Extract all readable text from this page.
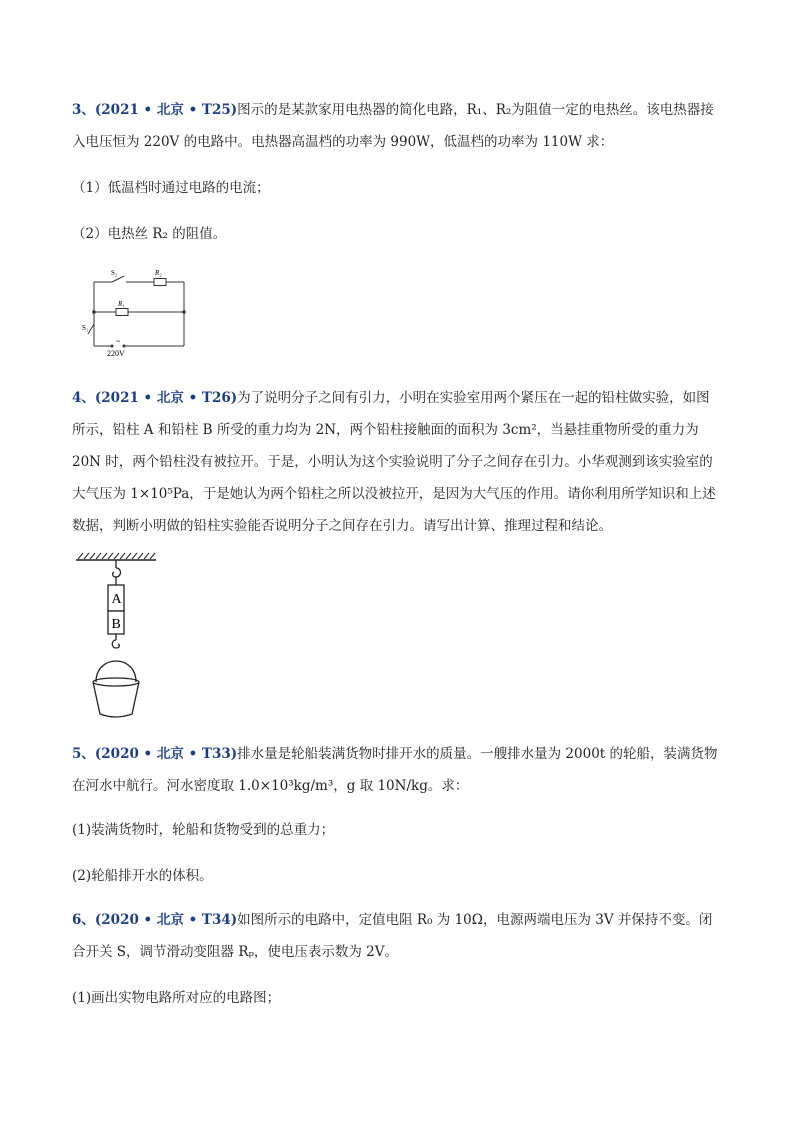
3、(2021 • 北京 • T25)图示的是某款家用电热器的简化电路，R₁、R₂为阻值一定的电热丝。该电热器接入电压恒为 220V 的电路中。电热器高温档的功率为 990W，低温档的功率为 110W 求：

（1）低温档时通过电路的电流；

（2）电热丝 R₂ 的阻值。

S₂	R₂
R₁
S₁
~
220V

4、(2021 • 北京 • T26)为了说明分子之间有引力，小明在实验室用两个紧压在一起的铅柱做实验，如图所示，铅柱 A 和铅柱 B 所受的重力均为 2N，两个铅柱接触面的面积为 3cm²，当悬挂重物所受的重力为 20N 时，两个铅柱没有被拉开。于是，小明认为这个实验说明了分子之间存在引力。小华观测到该实验室的大气压为 1×10⁵Pa，于是她认为两个铅柱之所以没被拉开，是因为大气压的作用。请你利用所学知识和上述数据，判断小明做的铅柱实验能否说明分子之间存在引力。请写出计算、推理过程和结论。

A
B

5、(2020 • 北京 • T33)排水量是轮船装满货物时排开水的质量。一艘排水量为 2000t 的轮船，装满货物在河水中航行。河水密度取 1.0×10³kg/m³，g 取 10N/kg。求：

(1)装满货物时，轮船和货物受到的总重力；

(2)轮船排开水的体积。

6、(2020 • 北京 • T34)如图所示的电路中，定值电阻 R₀ 为 10Ω，电源两端电压为 3V 并保持不变。闭合开关 S，调节滑动变阻器 Rₚ，使电压表示数为 2V。

(1)画出实物电路所对应的电路图；
